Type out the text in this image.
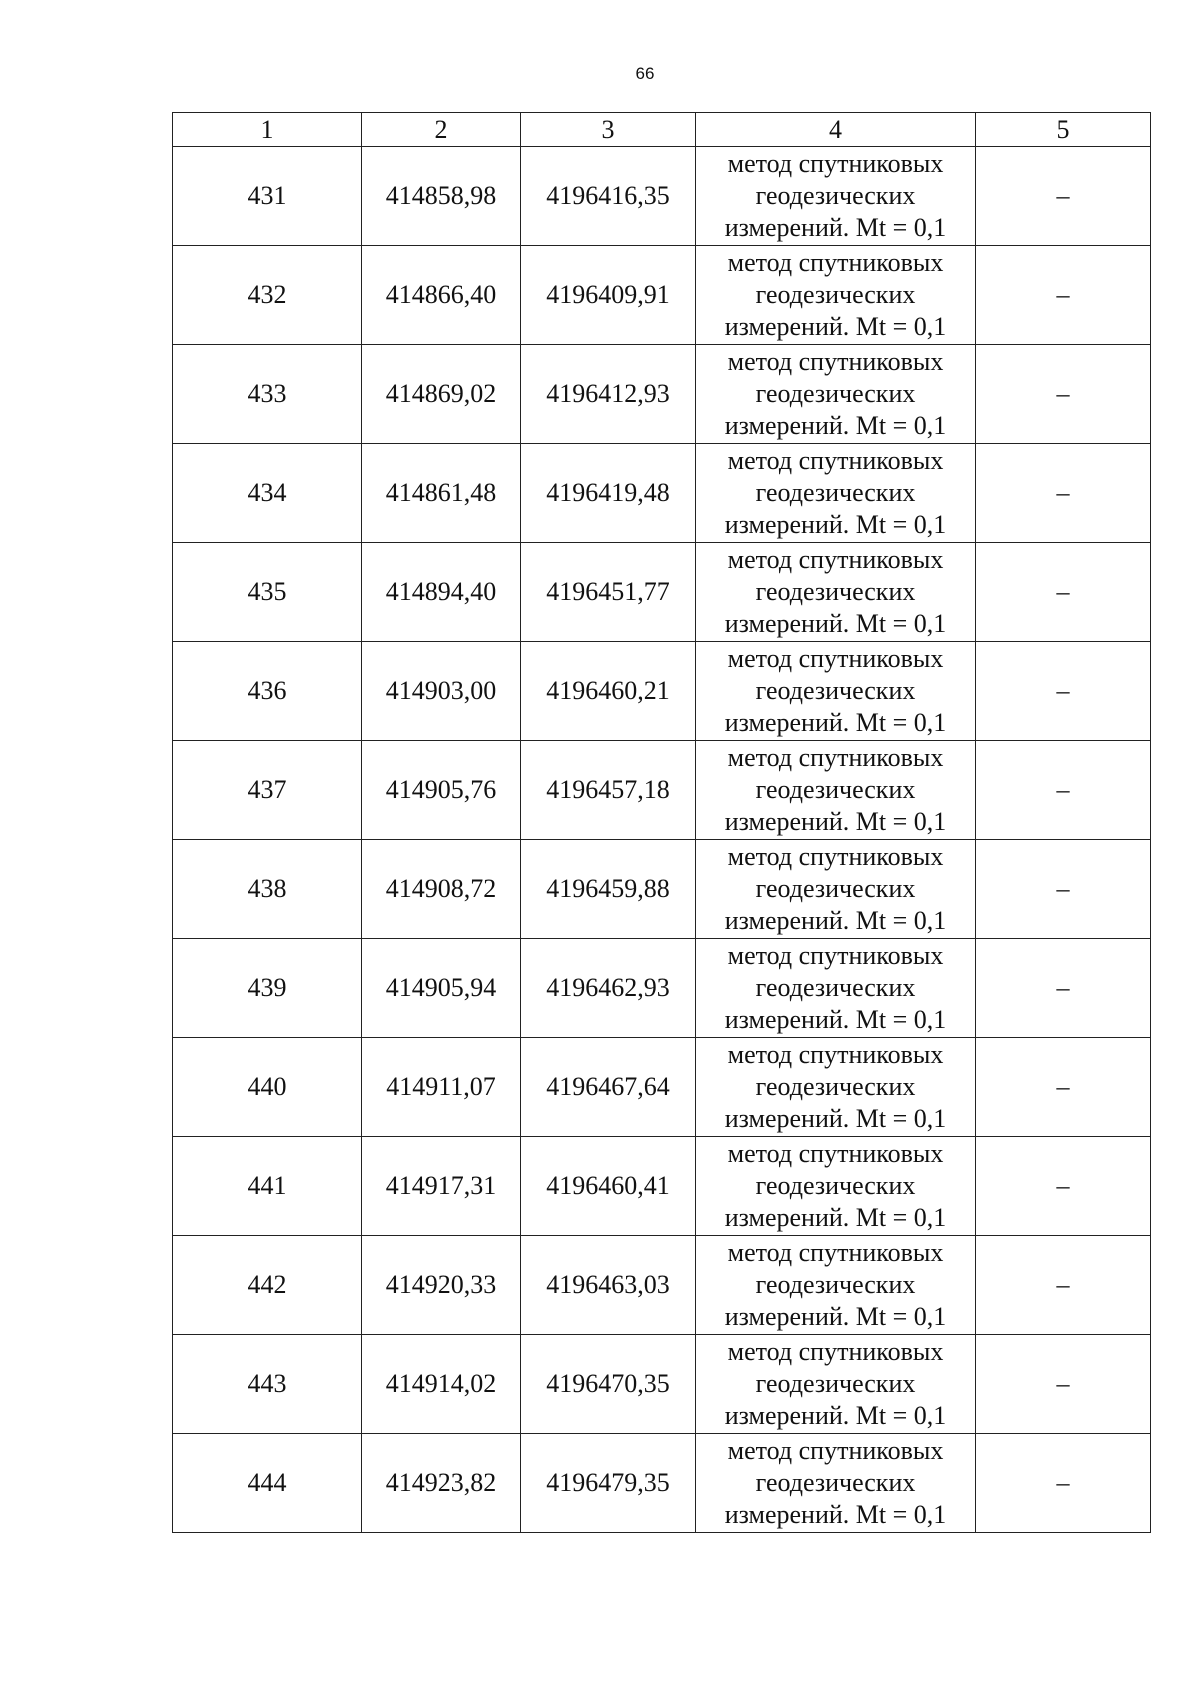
66
1	2	3	4	5
431	414858,98	4196416,35	метод спутниковых
геодезических
измерений. Mt = 0,1	–
432	414866,40	4196409,91	метод спутниковых
геодезических
измерений. Mt = 0,1	–
433	414869,02	4196412,93	метод спутниковых
геодезических
измерений. Mt = 0,1	–
434	414861,48	4196419,48	метод спутниковых
геодезических
измерений. Mt = 0,1	–
435	414894,40	4196451,77	метод спутниковых
геодезических
измерений. Mt = 0,1	–
436	414903,00	4196460,21	метод спутниковых
геодезических
измерений. Mt = 0,1	–
437	414905,76	4196457,18	метод спутниковых
геодезических
измерений. Mt = 0,1	–
438	414908,72	4196459,88	метод спутниковых
геодезических
измерений. Mt = 0,1	–
439	414905,94	4196462,93	метод спутниковых
геодезических
измерений. Mt = 0,1	–
440	414911,07	4196467,64	метод спутниковых
геодезических
измерений. Mt = 0,1	–
441	414917,31	4196460,41	метод спутниковых
геодезических
измерений. Mt = 0,1	–
442	414920,33	4196463,03	метод спутниковых
геодезических
измерений. Mt = 0,1	–
443	414914,02	4196470,35	метод спутниковых
геодезических
измерений. Mt = 0,1	–
444	414923,82	4196479,35	метод спутниковых
геодезических
измерений. Mt = 0,1	–
